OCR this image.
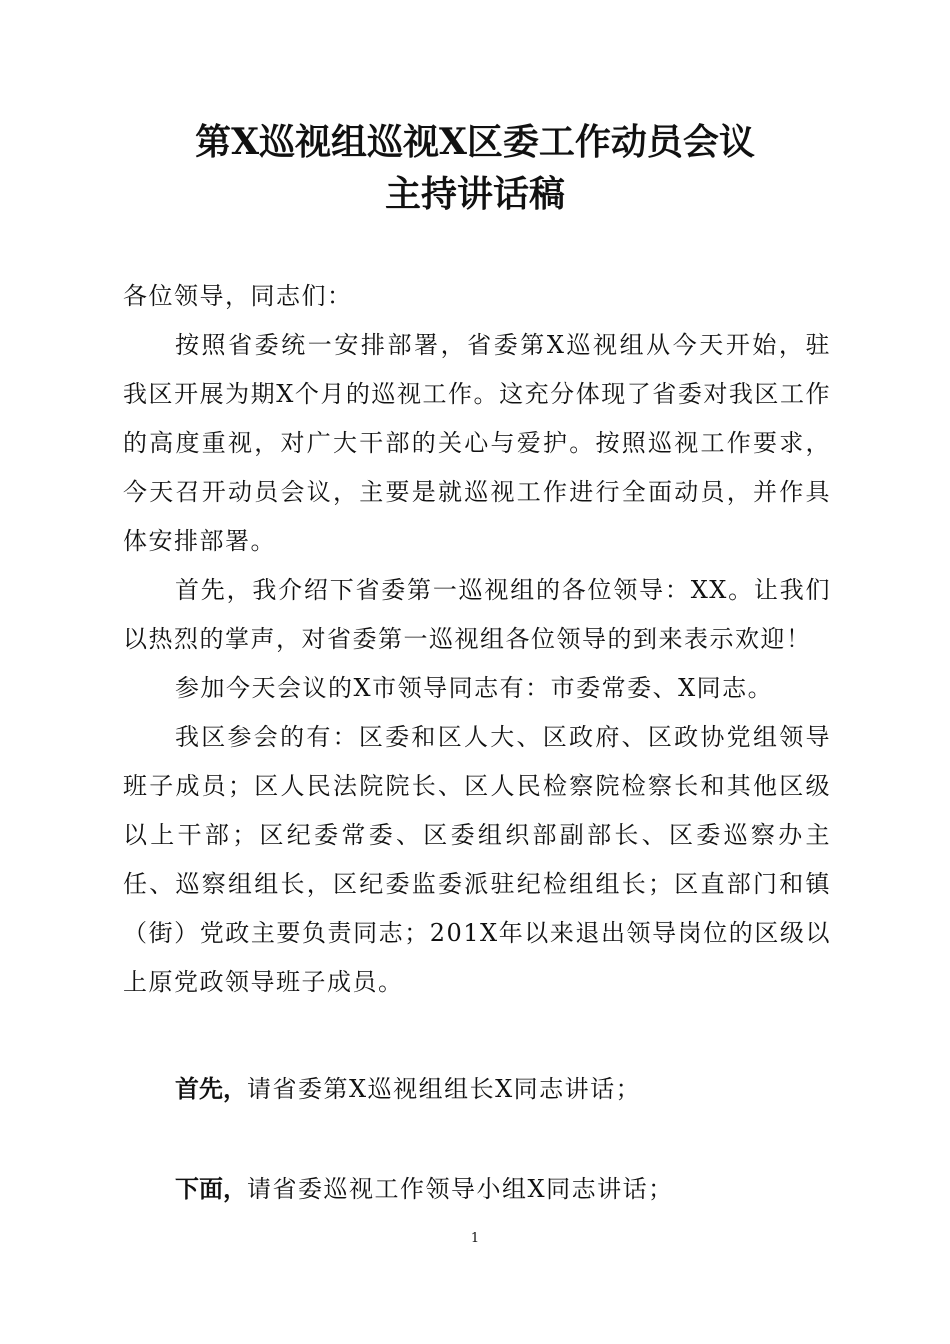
第X巡视组巡视X区委工作动员会议
主持讲话稿

各位领导，同志们：

按照省委统一安排部署，省委第X巡视组从今天开始，驻我区开展为期X个月的巡视工作。这充分体现了省委对我区工作的高度重视，对广大干部的关心与爱护。按照巡视工作要求，今天召开动员会议，主要是就巡视工作进行全面动员，并作具体安排部署。

首先，我介绍下省委第一巡视组的各位领导：XX。让我们以热烈的掌声，对省委第一巡视组各位领导的到来表示欢迎！

参加今天会议的X市领导同志有：市委常委、X同志。

我区参会的有：区委和区人大、区政府、区政协党组领导班子成员；区人民法院院长、区人民检察院检察长和其他区级以上干部；区纪委常委、区委组织部副部长、区委巡察办主任、巡察组组长，区纪委监委派驻纪检组组长；区直部门和镇（街）党政主要负责同志；201X年以来退出领导岗位的区级以上原党政领导班子成员。

首先，请省委第X巡视组组长X同志讲话；
下面，请省委巡视工作领导小组X同志讲话；
1
